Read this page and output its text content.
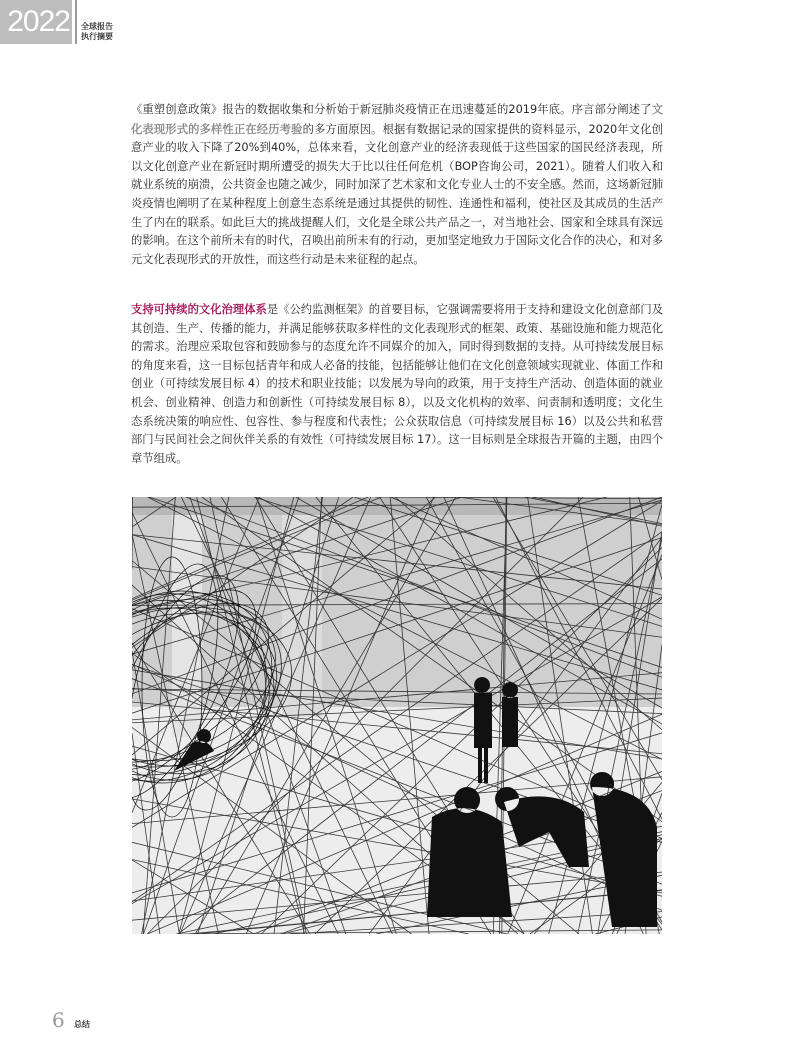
2022 全球报告
执行摘要

《重塑创意政策》报告的数据收集和分析始于新冠肺炎疫情正在迅速蔓延的2019年底。序言部分阐述了文化表现形式的多样性正在经历考验的多方面原因。根据有数据记录的国家提供的资料显示，2020年文化创意产业的收入下降了20%到40%，总体来看，文化创意产业的经济表现低于这些国家的国民经济表现，所以文化创意产业在新冠时期所遭受的损失大于比以往任何危机（BOP咨询公司，2021）。随着人们收入和就业系统的崩溃，公共资金也随之减少，同时加深了艺术家和文化专业人士的不安全感。然而，这场新冠肺炎疫情也阐明了在某种程度上创意生态系统是通过其提供的韧性、连通性和福利，使社区及其成员的生活产生了内在的联系。如此巨大的挑战提醒人们，文化是全球公共产品之一，对当地社会、国家和全球具有深远的影响。在这个前所未有的时代，召唤出前所未有的行动，更加坚定地致力于国际文化合作的决心，和对多元文化表现形式的开放性，而这些行动是未来征程的起点。

支持可持续的文化治理体系是《公约监测框架》的首要目标，它强调需要将用于支持和建设文化创意部门及其创造、生产、传播的能力，并满足能够获取多样性的文化表现形式的框架、政策、基础设施和能力规范化的需求。治理应采取包容和鼓励参与的态度允许不同媒介的加入，同时得到数据的支持。从可持续发展目标的角度来看，这一目标包括青年和成人必备的技能，包括能够让他们在文化创意领域实现就业、体面工作和创业（可持续发展目标 4）的技术和职业技能；以发展为导向的政策，用于支持生产活动、创造体面的就业机会、创业精神、创造力和创新性（可持续发展目标 8），以及文化机构的效率、问责制和透明度；文化生态系统决策的响应性、包容性、参与程度和代表性；公众获取信息（可持续发展目标 16）以及公共和私营部门与民间社会之间伙伴关系的有效性（可持续发展目标 17）。这一目标则是全球报告开篇的主题，由四个章节组成。
6 总结
